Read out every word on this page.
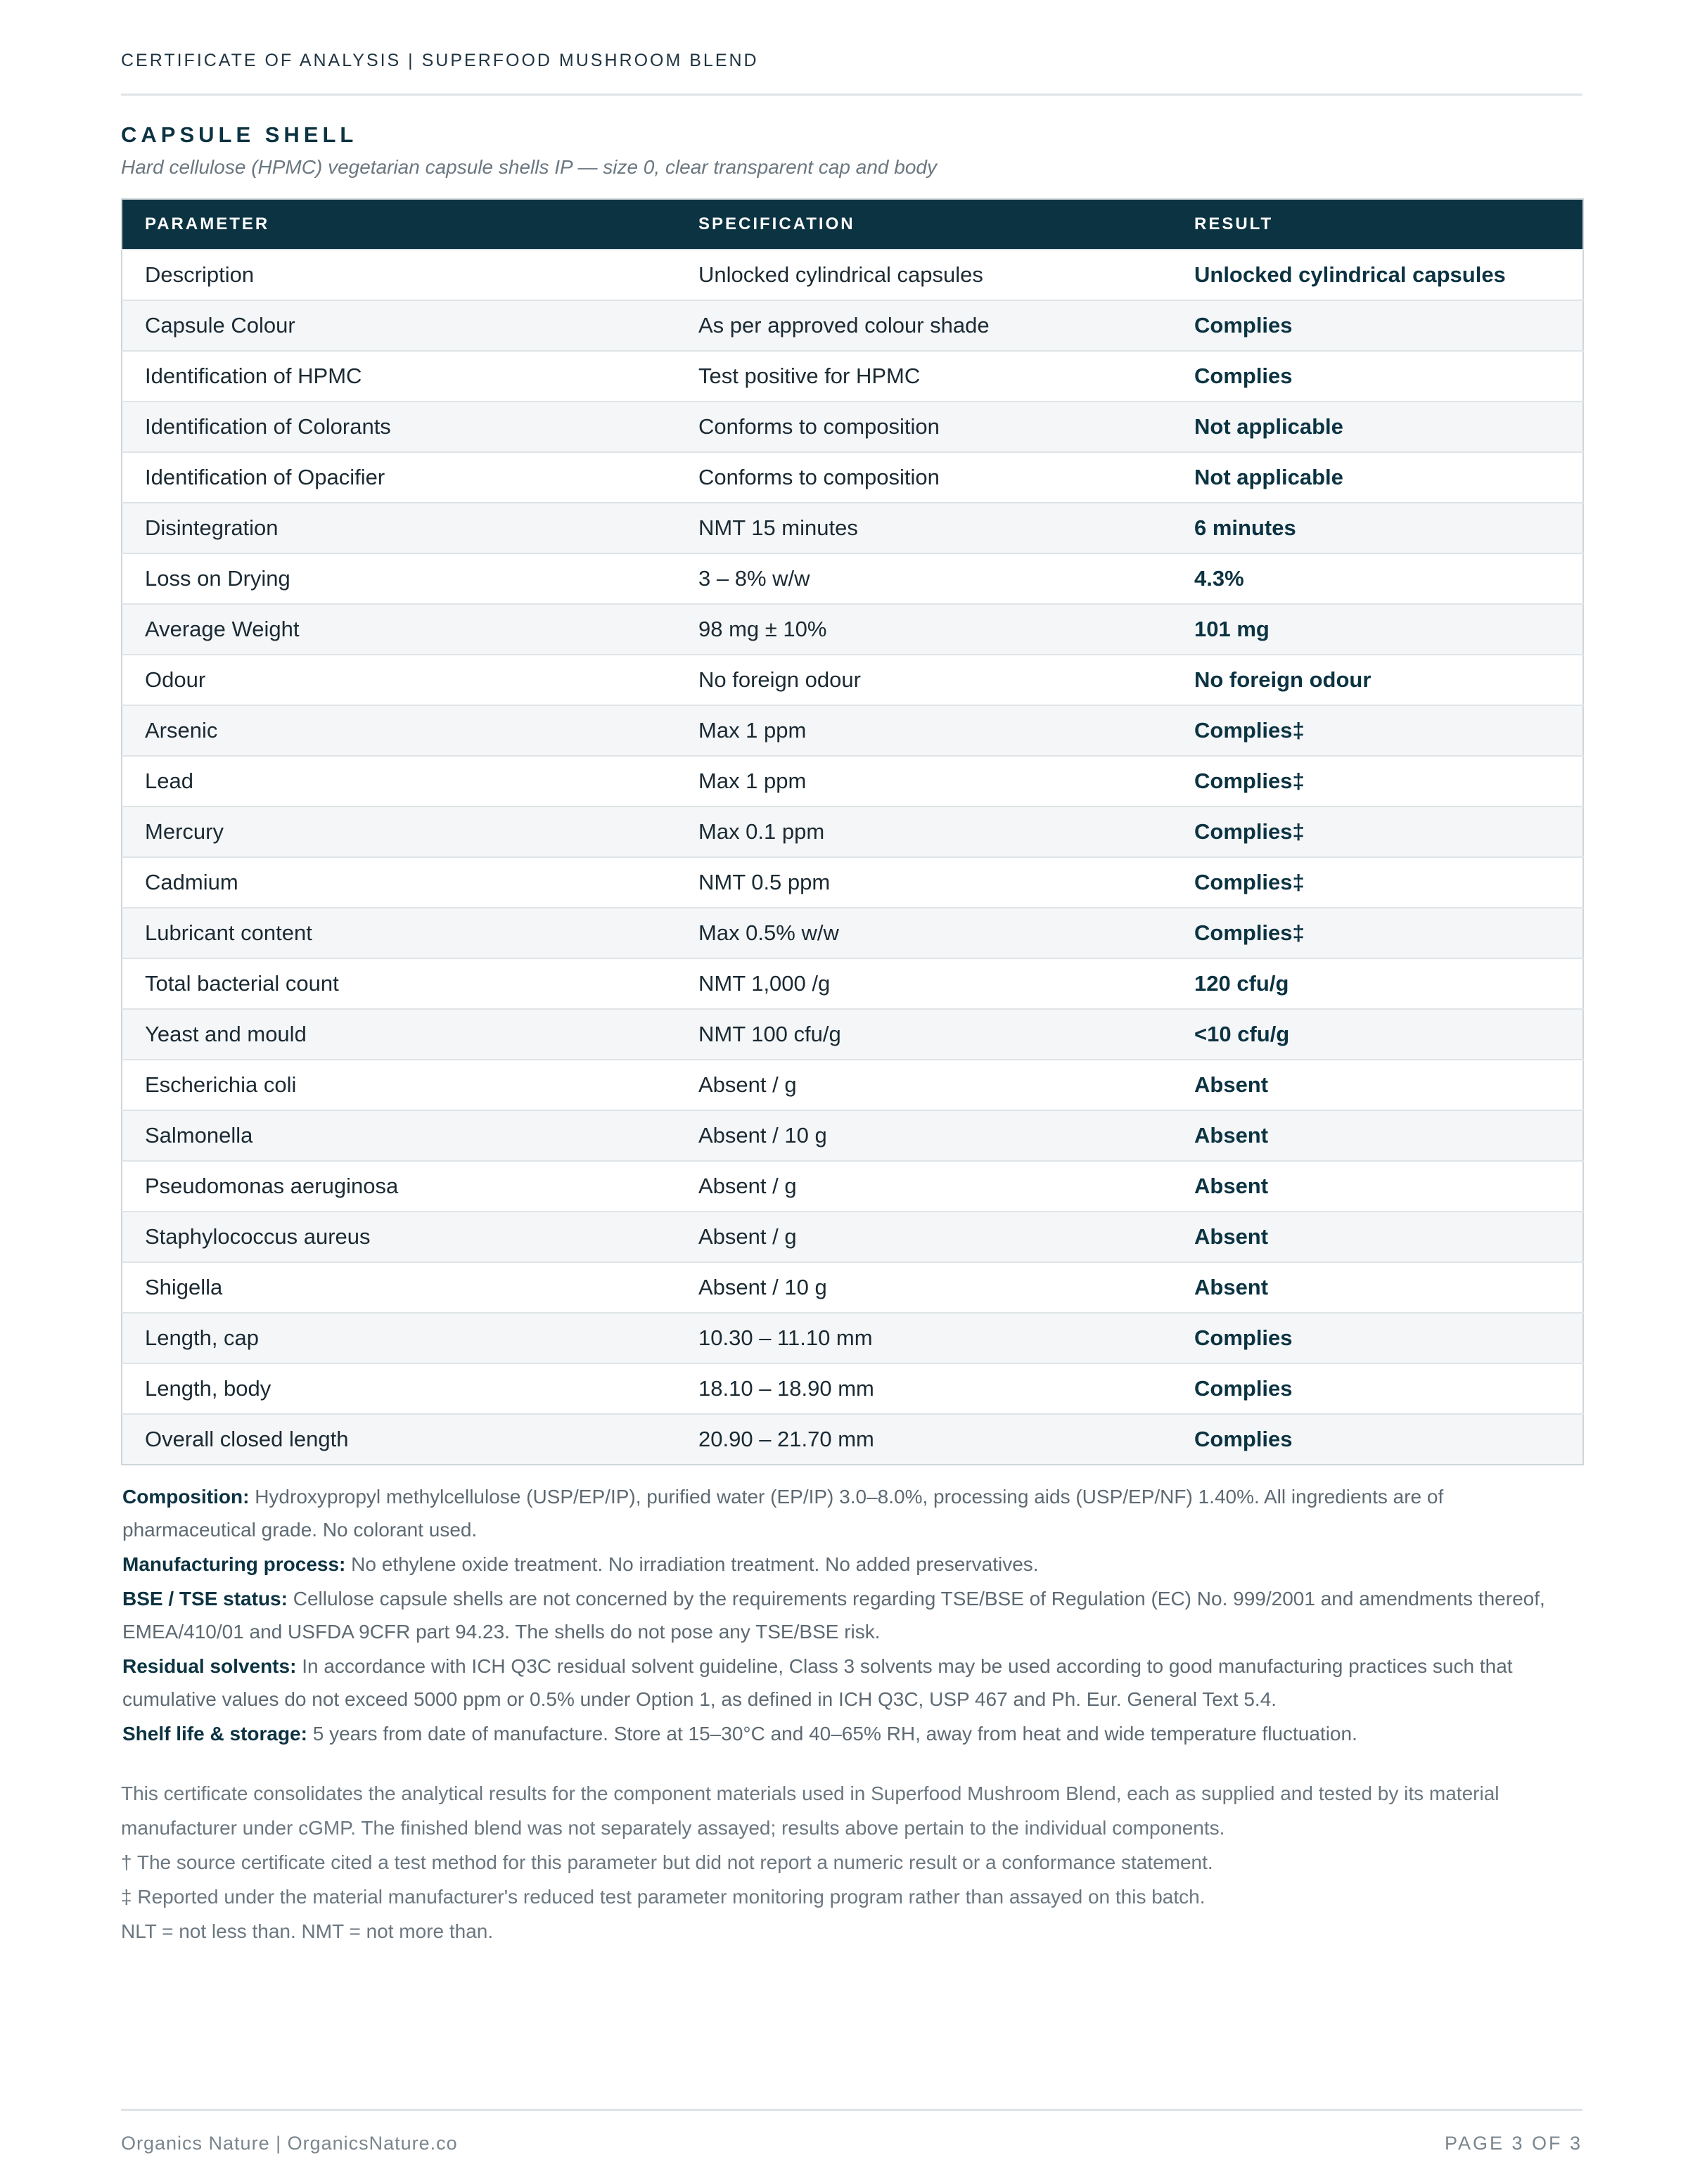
CERTIFICATE OF ANALYSIS | SUPERFOOD MUSHROOM BLEND
CAPSULE SHELL
Hard cellulose (HPMC) vegetarian capsule shells IP — size 0, clear transparent cap and body
PARAMETER	SPECIFICATION	RESULT
Description	Unlocked cylindrical capsules	Unlocked cylindrical capsules
Capsule Colour	As per approved colour shade	Complies
Identification of HPMC	Test positive for HPMC	Complies
Identification of Colorants	Conforms to composition	Not applicable
Identification of Opacifier	Conforms to composition	Not applicable
Disintegration	NMT 15 minutes	6 minutes
Loss on Drying	3 – 8% w/w	4.3%
Average Weight	98 mg ± 10%	101 mg
Odour	No foreign odour	No foreign odour
Arsenic	Max 1 ppm	Complies‡
Lead	Max 1 ppm	Complies‡
Mercury	Max 0.1 ppm	Complies‡
Cadmium	NMT 0.5 ppm	Complies‡
Lubricant content	Max 0.5% w/w	Complies‡
Total bacterial count	NMT 1,000 /g	120 cfu/g
Yeast and mould	NMT 100 cfu/g	<10 cfu/g
Escherichia coli	Absent / g	Absent
Salmonella	Absent / 10 g	Absent
Pseudomonas aeruginosa	Absent / g	Absent
Staphylococcus aureus	Absent / g	Absent
Shigella	Absent / 10 g	Absent
Length, cap	10.30 – 11.10 mm	Complies
Length, body	18.10 – 18.90 mm	Complies
Overall closed length	20.90 – 21.70 mm	Complies

Composition: Hydroxypropyl methylcellulose (USP/EP/IP), purified water (EP/IP) 3.0–8.0%, processing aids (USP/EP/NF) 1.40%. All ingredients are of pharmaceutical grade. No colorant used.

Manufacturing process: No ethylene oxide treatment. No irradiation treatment. No added preservatives.

BSE / TSE status: Cellulose capsule shells are not concerned by the requirements regarding TSE/BSE of Regulation (EC) No. 999/2001 and amendments thereof, EMEA/410/01 and USFDA 9CFR part 94.23. The shells do not pose any TSE/BSE risk.

Residual solvents: In accordance with ICH Q3C residual solvent guideline, Class 3 solvents may be used according to good manufacturing practices such that cumulative values do not exceed 5000 ppm or 0.5% under Option 1, as defined in ICH Q3C, USP 467 and Ph. Eur. General Text 5.4.

Shelf life & storage: 5 years from date of manufacture. Store at 15–30°C and 40–65% RH, away from heat and wide temperature fluctuation.

This certificate consolidates the analytical results for the component materials used in Superfood Mushroom Blend, each as supplied and tested by its material manufacturer under cGMP. The finished blend was not separately assayed; results above pertain to the individual components.

† The source certificate cited a test method for this parameter but did not report a numeric result or a conformance statement.

‡ Reported under the material manufacturer's reduced test parameter monitoring program rather than assayed on this batch.

NLT = not less than. NMT = not more than.

Organics Nature | OrganicsNature.co	PAGE 3 OF 3
